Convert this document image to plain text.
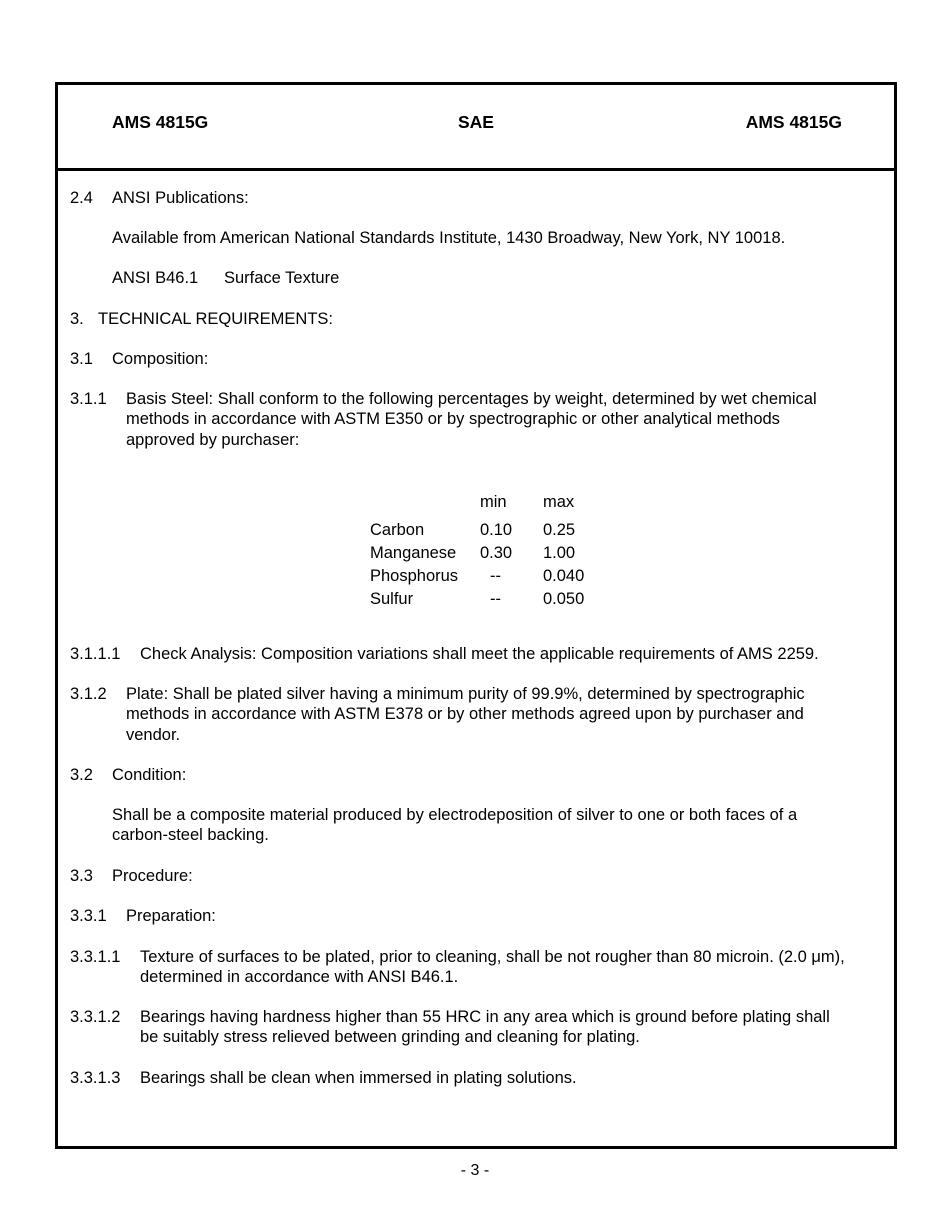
AMS 4815G	SAE	AMS 4815G
2.4 ANSI Publications:
Available from American National Standards Institute, 1430 Broadway, New York, NY 10018.
ANSI B46.1 Surface Texture
3. TECHNICAL REQUIREMENTS:
3.1 Composition:
3.1.1 Basis Steel: Shall conform to the following percentages by weight, determined by wet chemical
methods in accordance with ASTM E350 or by spectrographic or other analytical methods
approved by purchaser:
	min	max
Carbon	0.10	0.25
Manganese	0.30	1.00
Phosphorus	--	0.040
Sulfur	--	0.050
3.1.1.1 Check Analysis: Composition variations shall meet the applicable requirements of AMS 2259.
3.1.2 Plate: Shall be plated silver having a minimum purity of 99.9%, determined by spectrographic
methods in accordance with ASTM E378 or by other methods agreed upon by purchaser and
vendor.
3.2 Condition:
Shall be a composite material produced by electrodeposition of silver to one or both faces of a
carbon-steel backing.
3.3 Procedure:
3.3.1 Preparation:
3.3.1.1 Texture of surfaces to be plated, prior to cleaning, shall be not rougher than 80 microin. (2.0 μm),
determined in accordance with ANSI B46.1.
3.3.1.2 Bearings having hardness higher than 55 HRC in any area which is ground before plating shall
be suitably stress relieved between grinding and cleaning for plating.
3.3.1.3 Bearings shall be clean when immersed in plating solutions.
- 3 -
